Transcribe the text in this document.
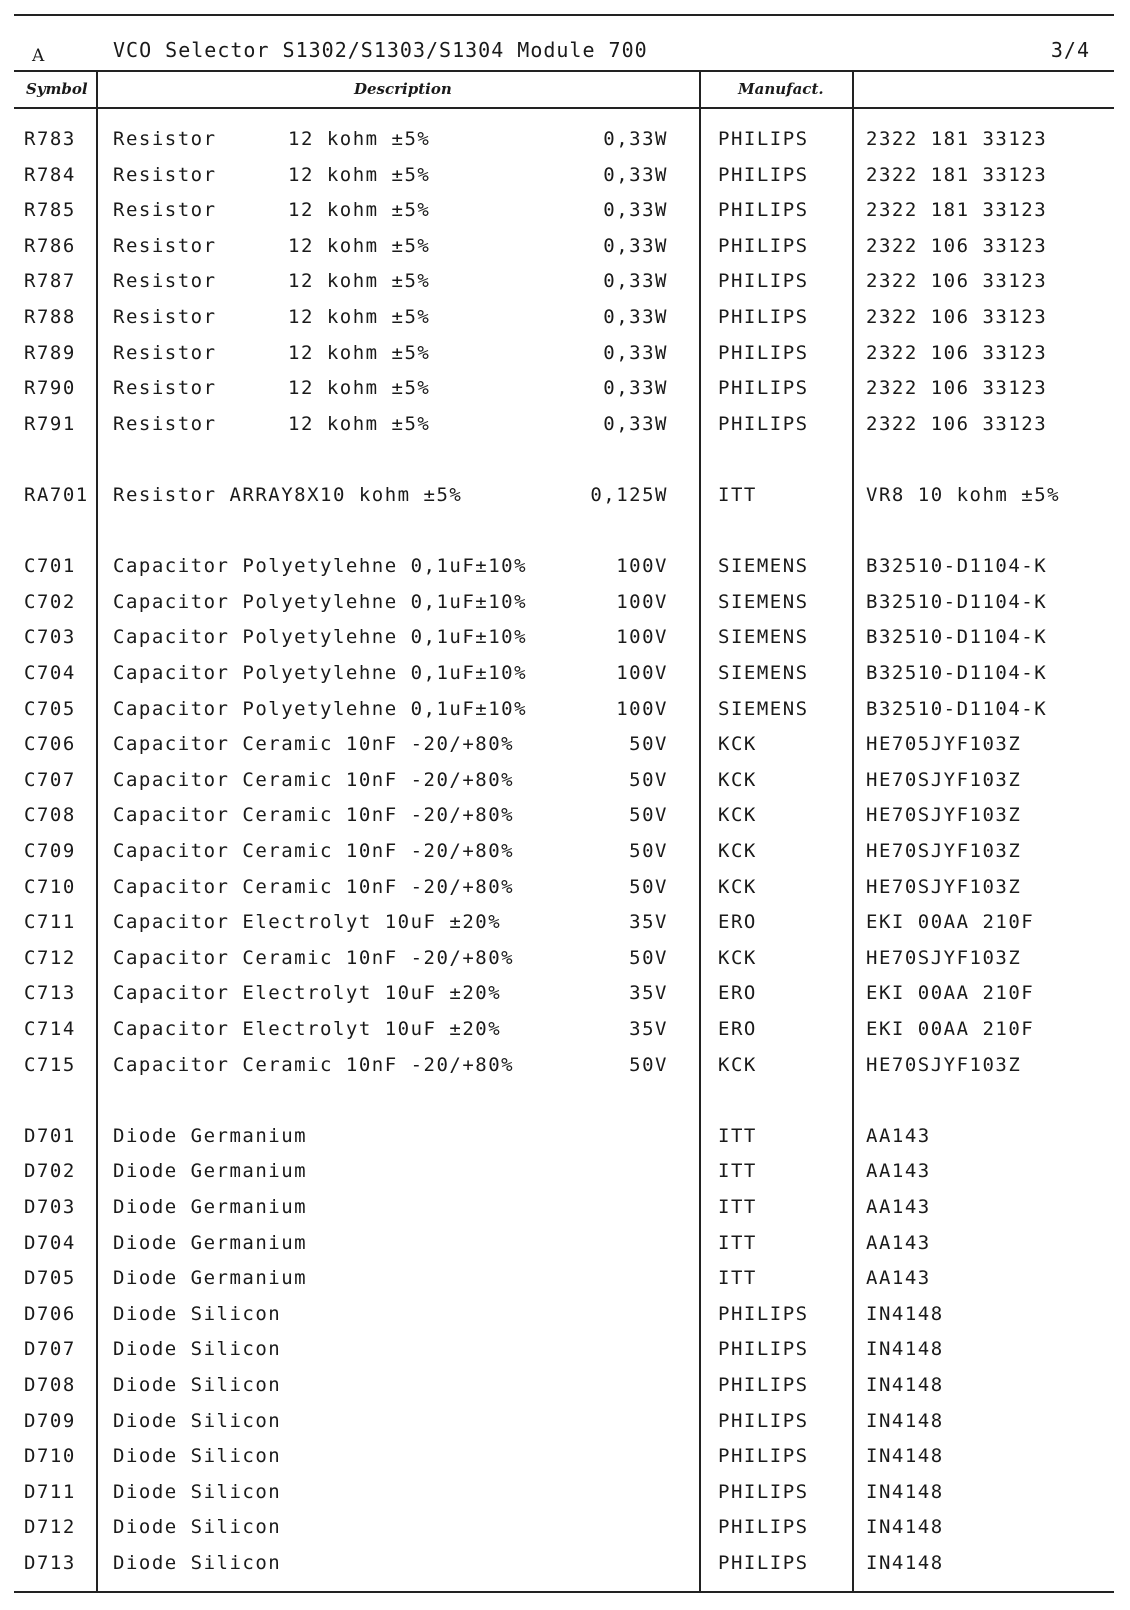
A	VCO Selector S1302/S1303/S1304 Module 700	3/4
Symbol	Description	Manufact.
R783 Resistor	12 kohm ±5%	0,33W	PHILIPS	2322 181 33123
R784 Resistor	12 kohm ±5%	0,33W	PHILIPS	2322 181 33123
R785 Resistor	12 kohm ±5%	0,33W	PHILIPS	2322 181 33123
R786 Resistor	12 kohm ±5%	0,33W	PHILIPS	2322 106 33123
R787 Resistor	12 kohm ±5%	0,33W	PHILIPS	2322 106 33123
R788 Resistor	12 kohm ±5%	0,33W	PHILIPS	2322 106 33123
R789 Resistor	12 kohm ±5%	0,33W	PHILIPS	2322 106 33123
R790 Resistor	12 kohm ±5%	0,33W	PHILIPS	2322 106 33123
R791 Resistor	12 kohm ±5%	0,33W	PHILIPS	2322 106 33123
RA701 Resistor ARRAY8X10 kohm ±5%	0,125W	ITT	VR8 10 kohm ±5%
C701 Capacitor Polyetylehne 0,1uF±10%	100V	SIEMENS	B32510-D1104-K
C702 Capacitor Polyetylehne 0,1uF±10%	100V	SIEMENS	B32510-D1104-K
C703 Capacitor Polyetylehne 0,1uF±10%	100V	SIEMENS	B32510-D1104-K
C704 Capacitor Polyetylehne 0,1uF±10%	100V	SIEMENS	B32510-D1104-K
C705 Capacitor Polyetylehne 0,1uF±10%	100V	SIEMENS	B32510-D1104-K
C706 Capacitor Ceramic 10nF -20/+80%	50V	KCK	HE705JYF103Z
C707 Capacitor Ceramic 10nF -20/+80%	50V	KCK	HE70SJYF103Z
C708 Capacitor Ceramic 10nF -20/+80%	50V	KCK	HE70SJYF103Z
C709 Capacitor Ceramic 10nF -20/+80%	50V	KCK	HE70SJYF103Z
C710 Capacitor Ceramic 10nF -20/+80%	50V	KCK	HE70SJYF103Z
C711 Capacitor Electrolyt 10uF ±20%	35V	ERO	EKI 00AA 210F
C712 Capacitor Ceramic 10nF -20/+80%	50V	KCK	HE70SJYF103Z
C713 Capacitor Electrolyt 10uF ±20%	35V	ERO	EKI 00AA 210F
C714 Capacitor Electrolyt 10uF ±20%	35V	ERO	EKI 00AA 210F
C715 Capacitor Ceramic 10nF -20/+80%	50V	KCK	HE70SJYF103Z
D701 Diode Germanium	ITT	AA143
D702 Diode Germanium	ITT	AA143
D703 Diode Germanium	ITT	AA143
D704 Diode Germanium	ITT	AA143
D705 Diode Germanium	ITT	AA143
D706 Diode Silicon	PHILIPS	IN4148
D707 Diode Silicon	PHILIPS	IN4148
D708 Diode Silicon	PHILIPS	IN4148
D709 Diode Silicon	PHILIPS	IN4148
D710 Diode Silicon	PHILIPS	IN4148
D711 Diode Silicon	PHILIPS	IN4148
D712 Diode Silicon	PHILIPS	IN4148
D713 Diode Silicon	PHILIPS	IN4148
